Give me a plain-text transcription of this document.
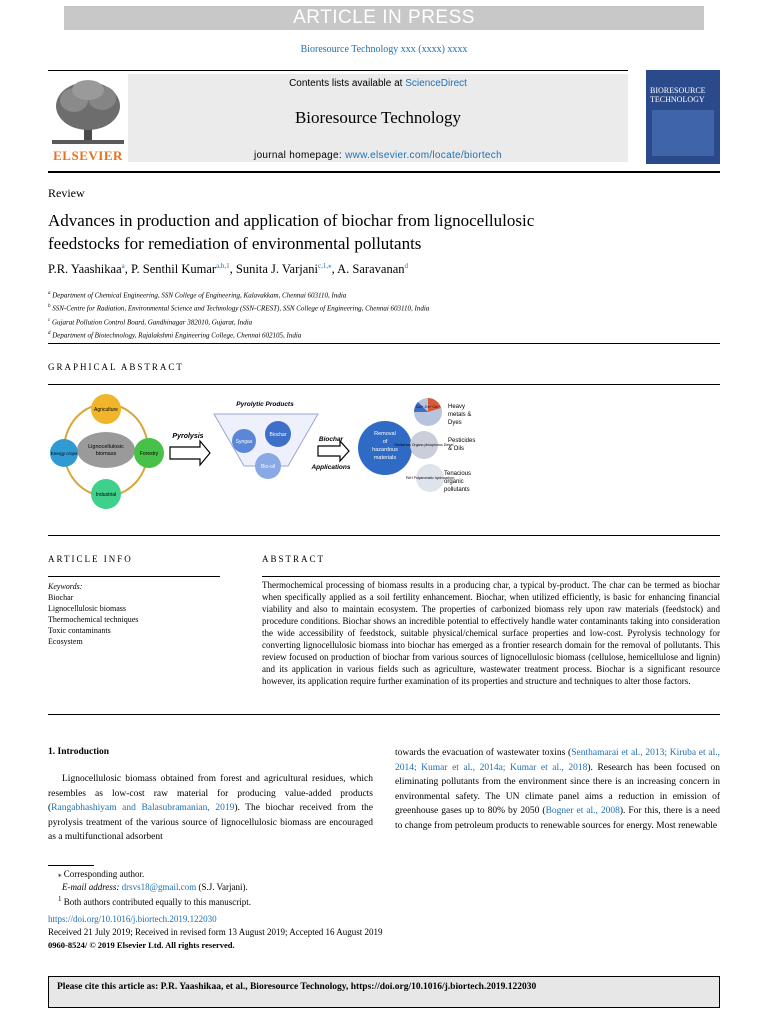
ARTICLE IN PRESS
Bioresource Technology xxx (xxxx) xxxx
ELSEVIER
Contents lists available at ScienceDirect
Bioresource Technology
journal homepage: www.elsevier.com/locate/biortech
BIORESOURCE
TECHNOLOGY
Review
Advances in production and application of biochar from lignocellulosic
feedstocks for remediation of environmental pollutants
P.R. Yaashikaa$^a$, P. Senthil Kumar$^{a,b,1}$, Sunita J. Varjani$^{c,1,⁎}$, A. Saravanan$^d$
$^a$ Department of Chemical Engineering, SSN College of Engineering, Kalavakkam, Chennai 603110, India
$^b$ SSN-Centre for Radiation, Environmental Science and Technology (SSN-CREST), SSN College of Engineering, Chennai 603110, India
$^c$ Gujarat Pollution Control Board, Gandhinagar 382010, Gujarat, India
$^d$ Department of Biotechnology, Rajalakshmi Engineering College, Chennai 602105, India
GRAPHICAL ABSTRACT
Lignocellulosic
biomass
Agriculture
Forestry
Industrial
Energy crops
Pyrolysis
Pyrolytic Products
Syngas
Biochar
Bio-oil
Biochar
Applications
Removal
of
hazardous
materials
Cd²⁺ Zn²⁺ Cu²⁺
Dichlorvos Organo phosphorus Diesel
PAH Polyaromatic hydrocarbon
Heavy metals & Dyes
Pesticides & Oils
Tenacious organic pollutants
ARTICLE INFO
Keywords:
Biochar
Lignocellulosic biomass
Thermochemical techniques
Toxic contaminants
Ecosystem
ABSTRACT
Thermochemical processing of biomass results in a producing char, a typical by-product. The char can be termed as biochar when specifically applied as a soil fertility enhancement. Biochar, when utilized efficiently, is basic for enhancing financial viability and also to maintain ecosystem. The properties of carbonized biomass rely upon raw materials (feedstock) and procedure conditions. Biochar shows an incredible potential to effectively handle water contaminants taking into consideration the wide accessibility of feedstock, suitable physical/chemical surface properties and low-cost. Pyrolysis technology for converting lignocellulosic biomass into biochar has emerged as a frontier research domain for the removal of pollutants. This review focused on production of biochar from various sources of lignocellulosic biomass (cellulose, hemicellulose and lignin) and its application in various fields such as agriculture, wastewater treatment process. Biochar is a significant resource however, its application require further examination of its properties and structure and techniques to alter those factors.
1. Introduction
Lignocellulosic biomass obtained from forest and agricultural residues, which resembles as low-cost raw material for producing value-added products (Rangabhashiyam and Balasubramanian, 2019). The biochar received from the pyrolysis treatment of the various source of lignocellulosic biomass are encouraged as a multifunctional adsorbent
towards the evacuation of wastewater toxins (Senthamarai et al., 2013; Kiruba et al., 2014; Kumar et al., 2014a; Kumar et al., 2018). Research has been focused on eliminating pollutants from the environment since there is an increasing concern in environmental safety. The UN climate panel aims a reduction in emission of greenhouse gases up to 80% by 2050 (Bogner et al., 2008). For this, there is a need to change from petroleum products to renewable sources for energy. Most renewable
⁎ Corresponding author.
E-mail address: drsvs18@gmail.com (S.J. Varjani).
$^1$ Both authors contributed equally to this manuscript.
https://doi.org/10.1016/j.biortech.2019.122030
Received 21 July 2019; Received in revised form 13 August 2019; Accepted 16 August 2019
0960-8524/ © 2019 Elsevier Ltd. All rights reserved.
Please cite this article as: P.R. Yaashikaa, et al., Bioresource Technology, https://doi.org/10.1016/j.biortech.2019.122030
